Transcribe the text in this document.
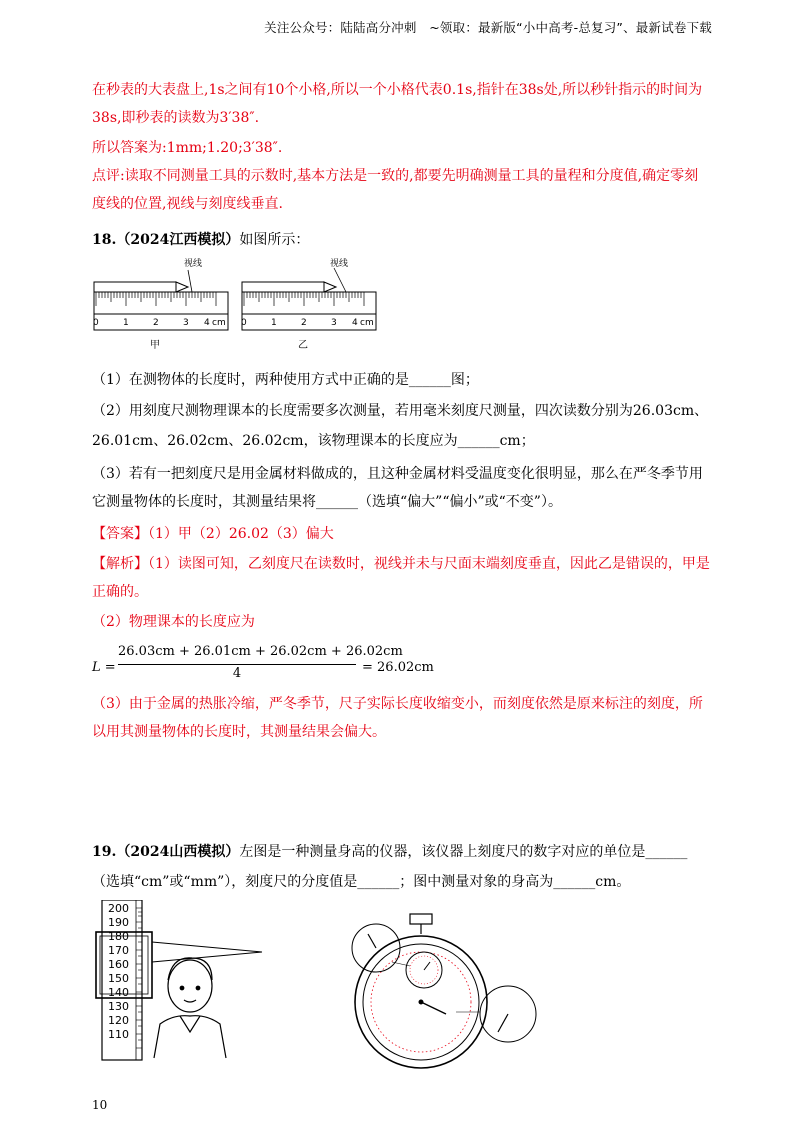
关注公众号：陆陆高分冲刺　~领取：最新版“小中高考-总复习”、最新试卷下载
在秒表的大表盘上,1s之间有10个小格,所以一个小格代表0.1s,指针在38s处,所以秒针指示的时间为38s,即秒表的读数为3′38″.
所以答案为:1mm;1.20;3′38″.
点评:读取不同测量工具的示数时,基本方法是一致的,都要先明确测量工具的量程和分度值,确定零刻度线的位置,视线与刻度线垂直.
18.（2024江西模拟）如图所示：
视线
0	1	2	3 4 cm
甲
视线
0	1	2	3 4 cm
乙
（1）在测物体的长度时，两种使用方式中正确的是______图；
（2）用刻度尺测物理课本的长度需要多次测量，若用毫米刻度尺测量，四次读数分别为26.03cm、26.01cm、26.02cm、26.02cm，该物理课本的长度应为______cm；
（3）若有一把刻度尺是用金属材料做成的，且这种金属材料受温度变化很明显，那么在严冬季节用它测量物体的长度时，其测量结果将______（选填“偏大”“偏小”或“不变”）。
【答案】（1）甲（2）26.02（3）偏大
【解析】（1）读图可知，乙刻度尺在读数时，视线并未与尺面末端刻度垂直，因此乙是错误的，甲是正确的。
（2）物理课本的长度应为
L =
26.03cm + 26.01cm + 26.02cm + 26.02cm
4	= 26.02cm
（3）由于金属的热胀冷缩，严冬季节，尺子实际长度收缩变小，而刻度依然是原来标注的刻度，所以用其测量物体的长度时，其测量结果会偏大。
19.（2024山西模拟）左图是一种测量身高的仪器，该仪器上刻度尺的数字对应的单位是______
（选填“cm”或“mm”），刻度尺的分度值是______；图中测量对象的身高为______cm。
200
190
180
170
160
150
140
130
120
110
10
